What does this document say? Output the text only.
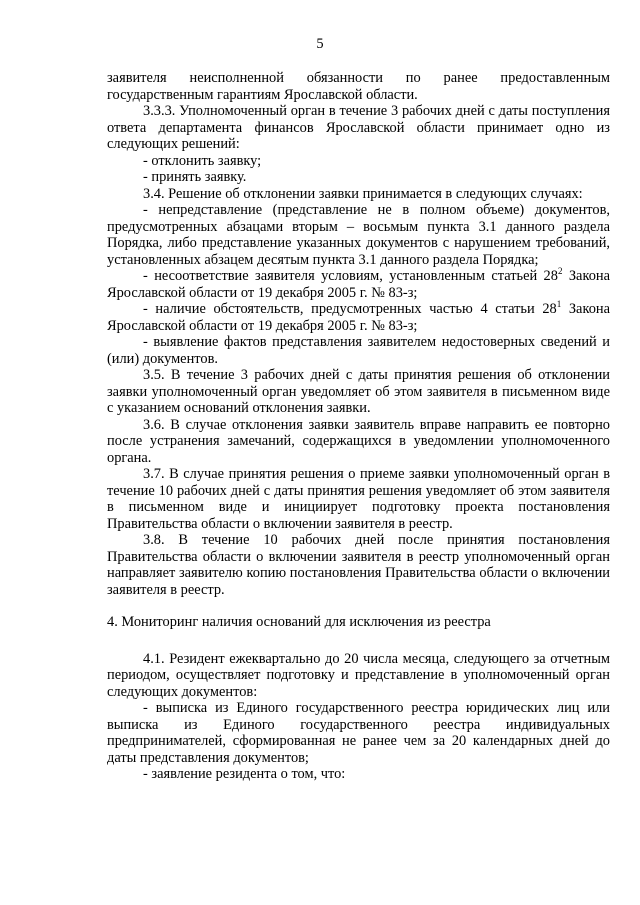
5

заявителя неисполненной обязанности по ранее предоставленным государственным гарантиям Ярославской области.

3.3.3. Уполномоченный орган в течение 3 рабочих дней с даты поступления ответа департамента финансов Ярославской области принимает одно из следующих решений:

- отклонить заявку;

- принять заявку.

3.4. Решение об отклонении заявки принимается в следующих случаях:

- непредставление (представление не в полном объеме) документов, предусмотренных абзацами вторым – восьмым пункта 3.1 данного раздела Порядка, либо представление указанных документов с нарушением требований, установленных абзацем десятым пункта 3.1 данного раздела Порядка;

- несоответствие заявителя условиям, установленным статьей $28^2$ Закона Ярославской области от 19 декабря 2005 г. № 83-з;

- наличие обстоятельств, предусмотренных частью 4 статьи $28^1$ Закона Ярославской области от 19 декабря 2005 г. № 83-з;

- выявление фактов представления заявителем недостоверных сведений и (или) документов.

3.5. В течение 3 рабочих дней с даты принятия решения об отклонении заявки уполномоченный орган уведомляет об этом заявителя в письменном виде с указанием оснований отклонения заявки.

3.6. В случае отклонения заявки заявитель вправе направить ее повторно после устранения замечаний, содержащихся в уведомлении уполномоченного органа.

3.7. В случае принятия решения о приеме заявки уполномоченный орган в течение 10 рабочих дней с даты принятия решения уведомляет об этом заявителя в письменном виде и инициирует подготовку проекта постановления Правительства области о включении заявителя в реестр.

3.8. В течение 10 рабочих дней после принятия постановления Правительства области о включении заявителя в реестр уполномоченный орган направляет заявителю копию постановления Правительства области о включении заявителя в реестр.

4. Мониторинг наличия оснований для исключения из реестра

4.1. Резидент ежеквартально до 20 числа месяца, следующего за отчетным периодом, осуществляет подготовку и представление в уполномоченный орган следующих документов:

- выписка из Единого государственного реестра юридических лиц или выписка из Единого государственного реестра индивидуальных предпринимателей, сформированная не ранее чем за 20 календарных дней до даты представления документов;

- заявление резидента о том, что:
